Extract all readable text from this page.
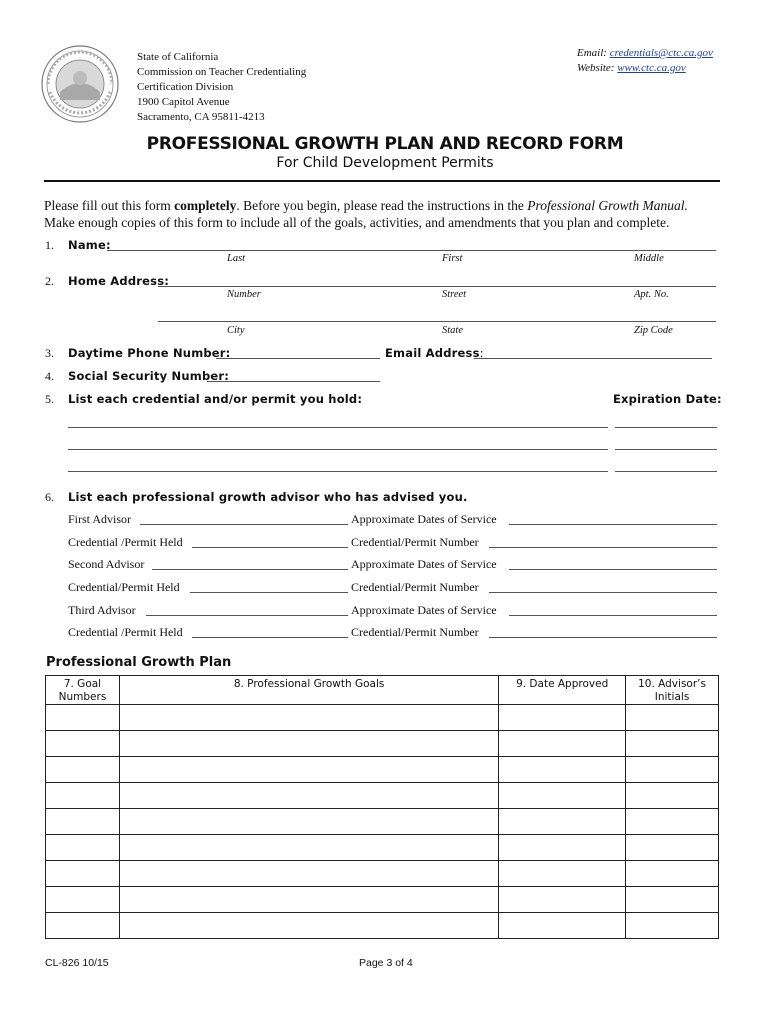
State of California
Commission on Teacher Credentialing
Certification Division
1900 Capitol Avenue
Sacramento, CA 95811-4213
Email: credentials@ctc.ca.gov
Website: www.ctc.ca.gov
PROFESSIONAL GROWTH PLAN AND RECORD FORM
For Child Development Permits
Please fill out this form completely. Before you begin, please read the instructions in the Professional Growth Manual.
Make enough copies of this form to include all of the goals, activities, and amendments that you plan and complete.
1. Name:
Last	First	Middle
2. Home Address:
Number	Street	Apt. No.
City	State	Zip Code
3. Daytime Phone Number:	Email Address:
4. Social Security Number:
5. List each credential and/or permit you hold:	Expiration Date:
6. List each professional growth advisor who has advised you.
First Advisor	Approximate Dates of Service
Credential /Permit Held	Credential/Permit Number
Second Advisor	Approximate Dates of Service
Credential/Permit Held	Credential/Permit Number
Third Advisor	Approximate Dates of Service
Credential /Permit Held	Credential/Permit Number
Professional Growth Plan
7. Goal Numbers	8. Professional Growth Goals	9. Date Approved	10. Advisor’s Initials

CL-826 10/15	Page 3 of 4
